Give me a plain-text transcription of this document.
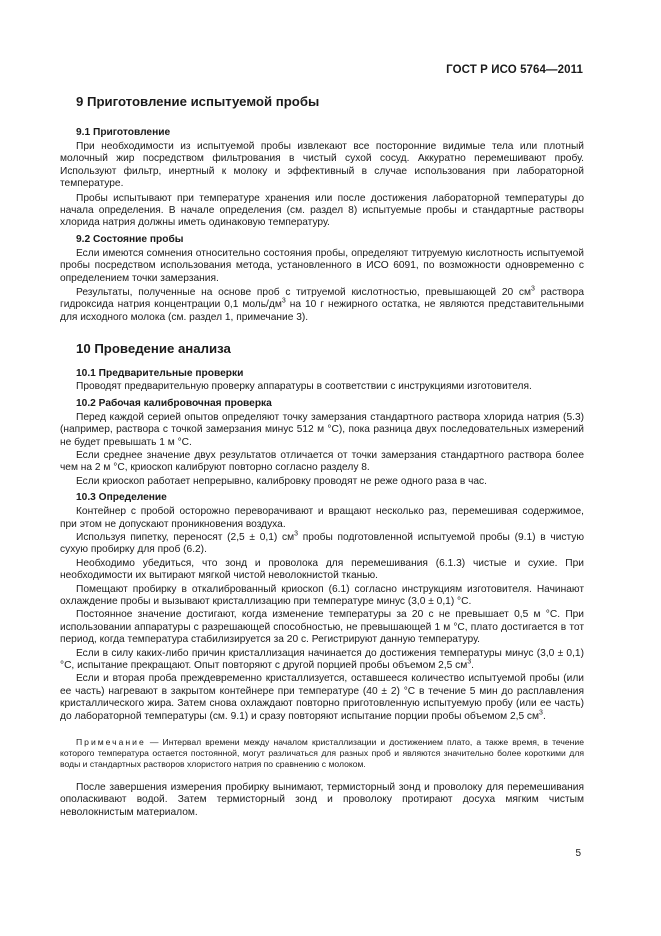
ГОСТ Р ИСО 5764—2011
9 Приготовление испытуемой пробы
9.1 Приготовление

При необходимости из испытуемой пробы извлекают все посторонние видимые тела или плотный молочный жир посредством фильтрования в чистый сухой сосуд. Аккуратно перемешивают пробу. Используют фильтр, инертный к молоку и эффективный в случае использования при лабораторной температуре.

Пробы испытывают при температуре хранения или после достижения лабораторной температуры до начала определения. В начале определения (см. раздел 8) испытуемые пробы и стандартные растворы хлорида натрия должны иметь одинаковую температуру.

9.2 Состояние пробы

Если имеются сомнения относительно состояния пробы, определяют титруемую кислотность испытуемой пробы посредством использования метода, установленного в ИСО 6091, по возможности одновременно с определением точки замерзания.

Результаты, полученные на основе проб с титруемой кислотностью, превышающей 20 $см^3$ раствора гидроксида натрия концентрации 0,1 моль/$дм^3$ на 10 г нежирного остатка, не являются представительными для исходного молока (см. раздел 1, примечание 3).

10 Проведение анализа
10.1 Предварительные проверки

Проводят предварительную проверку аппаратуры в соответствии с инструкциями изготовителя.

10.2 Рабочая калибровочная проверка

Перед каждой серией опытов определяют точку замерзания стандартного раствора хлорида натрия (5.3) (например, раствора с точкой замерзания минус 512 м °C), пока разница двух последовательных измерений не будет превышать 1 м °C.

Если среднее значение двух результатов отличается от точки замерзания стандартного раствора более чем на 2 м °C, криоскоп калибруют повторно согласно разделу 8.

Если криоскоп работает непрерывно, калибровку проводят не реже одного раза в час.

10.3 Определение

Контейнер с пробой осторожно переворачивают и вращают несколько раз, перемешивая содержимое, при этом не допускают проникновения воздуха.

Используя пипетку, переносят (2,5 ± 0,1) $см^3$ пробы подготовленной испытуемой пробы (9.1) в чистую сухую пробирку для проб (6.2).

Необходимо убедиться, что зонд и проволока для перемешивания (6.1.3) чистые и сухие. При необходимости их вытирают мягкой чистой неволокнистой тканью.

Помещают пробирку в откалиброванный криоскоп (6.1) согласно инструкциям изготовителя. Начинают охлаждение пробы и вызывают кристаллизацию при температуре минус (3,0 ± 0,1) °C.

Постоянное значение достигают, когда изменение температуры за 20 с не превышает 0,5 м °C. При использовании аппаратуры с разрешающей способностью, не превышающей 1 м °C, плато достигается в тот период, когда температура стабилизируется за 20 с. Регистрируют данную температуру.

Если в силу каких-либо причин кристаллизация начинается до достижения температуры минус (3,0 ± 0,1) °C, испытание прекращают. Опыт повторяют с другой порцией пробы объемом 2,5 $см^3$.

Если и вторая проба преждевременно кристаллизуется, оставшееся количество испытуемой пробы (или ее часть) нагревают в закрытом контейнере при температуре (40 ± 2) °C в течение 5 мин до расплавления кристаллического жира. Затем снова охлаждают повторно приготовленную испытуемую пробу (или ее часть) до лабораторной температуры (см. 9.1) и сразу повторяют испытание порции пробы объемом 2,5 $см^3$.

Примечание — Интервал времени между началом кристаллизации и достижением плато, а также время, в течение которого температура остается постоянной, могут различаться для разных проб и являются значительно более короткими для воды и стандартных растворов хлористого натрия по сравнению с молоком.

После завершения измерения пробирку вынимают, термисторный зонд и проволоку для перемешивания ополаскивают водой. Затем термисторный зонд и проволоку протирают досуха мягким чистым неволокнистым материалом.

5
